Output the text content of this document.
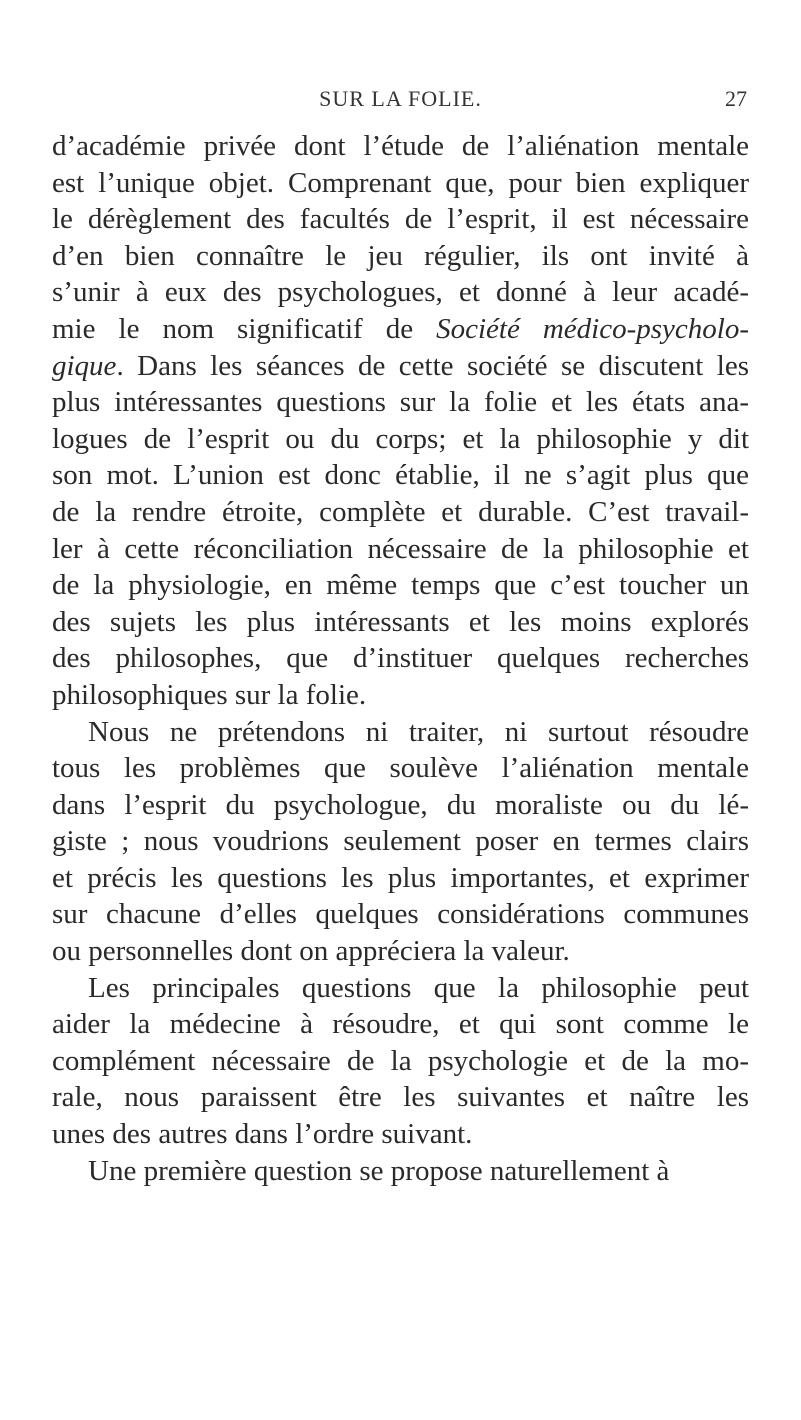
SUR LA FOLIE.	27
d’académie privée dont l’étude de l’aliénation mentale
est l’unique objet. Comprenant que, pour bien expliquer
le dérèglement des facultés de l’esprit, il est nécessaire
d’en bien connaître le jeu régulier, ils ont invité à
s’unir à eux des psychologues, et donné à leur acadé-
mie le nom significatif de Société médico-psycholo-
gique. Dans les séances de cette société se discutent les
plus intéressantes questions sur la folie et les états ana-
logues de l’esprit ou du corps; et la philosophie y dit
son mot. L’union est donc établie, il ne s’agit plus que
de la rendre étroite, complète et durable. C’est travail-
ler à cette réconciliation nécessaire de la philosophie et
de la physiologie, en même temps que c’est toucher un
des sujets les plus intéressants et les moins explorés
des philosophes, que d’instituer quelques recherches
philosophiques sur la folie.
Nous ne prétendons ni traiter, ni surtout résoudre
tous les problèmes que soulève l’aliénation mentale
dans l’esprit du psychologue, du moraliste ou du lé-
giste ; nous voudrions seulement poser en termes clairs
et précis les questions les plus importantes, et exprimer
sur chacune d’elles quelques considérations communes
ou personnelles dont on appréciera la valeur.
Les principales questions que la philosophie peut
aider la médecine à résoudre, et qui sont comme le
complément nécessaire de la psychologie et de la mo-
rale, nous paraissent être les suivantes et naître les
unes des autres dans l’ordre suivant.
Une première question se propose naturellement à
